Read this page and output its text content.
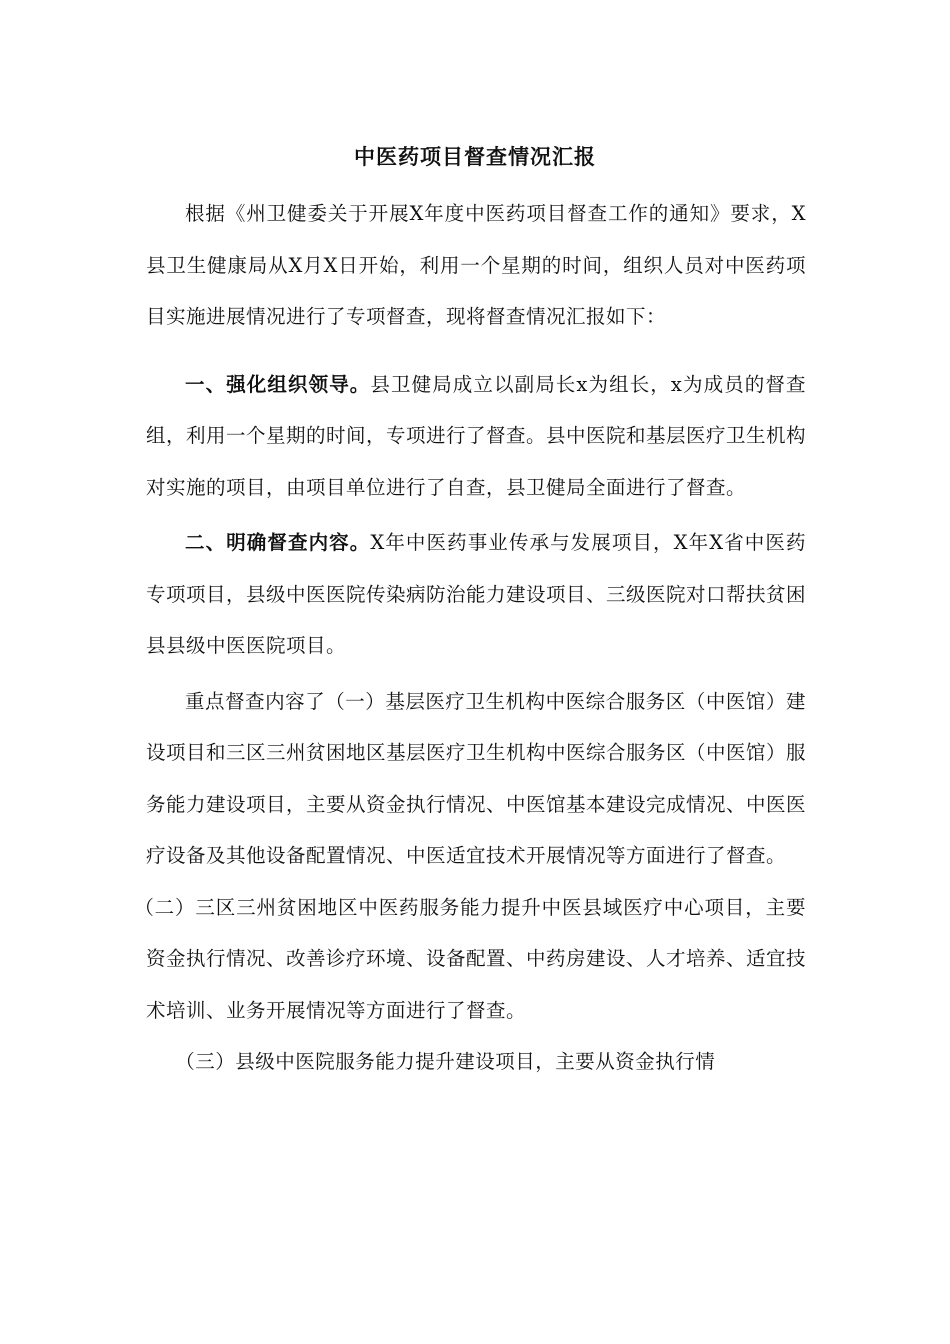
中医药项目督查情况汇报

根据《州卫健委关于开展X年度中医药项目督查工作的通知》要求，X县卫生健康局从X月X日开始，利用一个星期的时间，组织人员对中医药项目实施进展情况进行了专项督查，现将督查情况汇报如下：

一、强化组织领导。县卫健局成立以副局长x为组长，x为成员的督查组，利用一个星期的时间，专项进行了督查。县中医院和基层医疗卫生机构对实施的项目，由项目单位进行了自查，县卫健局全面进行了督查。

二、明确督查内容。X年中医药事业传承与发展项目，X年X省中医药专项项目，县级中医医院传染病防治能力建设项目、三级医院对口帮扶贫困县县级中医医院项目。

重点督查内容了（一）基层医疗卫生机构中医综合服务区（中医馆）建设项目和三区三州贫困地区基层医疗卫生机构中医综合服务区（中医馆）服务能力建设项目，主要从资金执行情况、中医馆基本建设完成情况、中医医疗设备及其他设备配置情况、中医适宜技术开展情况等方面进行了督查。

（二）三区三州贫困地区中医药服务能力提升中医县域医疗中心项目，主要资金执行情况、改善诊疗环境、设备配置、中药房建设、人才培养、适宜技术培训、业务开展情况等方面进行了督查。

（三）县级中医院服务能力提升建设项目，主要从资金执行情
